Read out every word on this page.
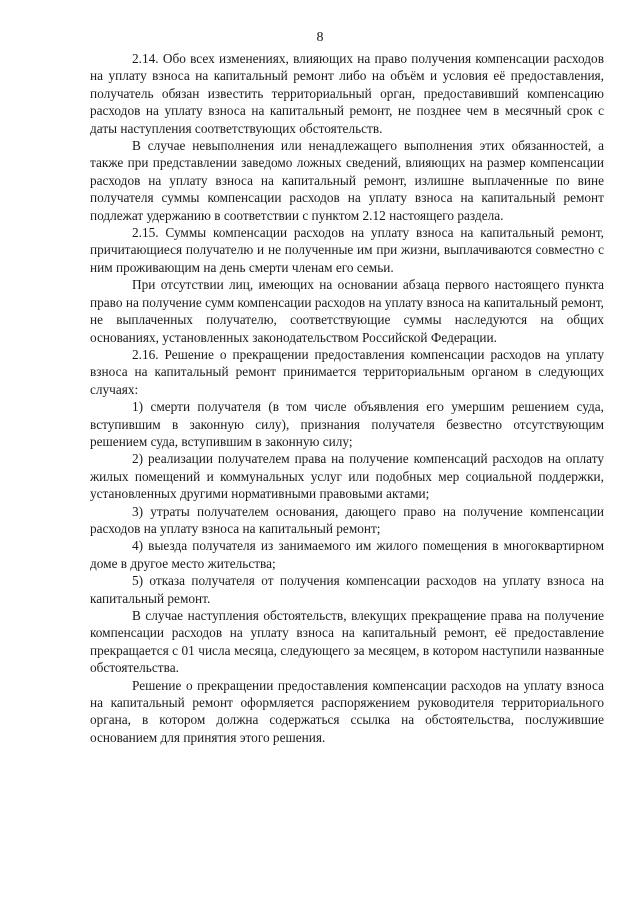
8

2.14. Обо всех изменениях, влияющих на право получения компенсации расходов на уплату взноса на капитальный ремонт либо на объём и условия её предоставления, получатель обязан известить территориальный орган, предоставивший компенсацию расходов на уплату взноса на капитальный ремонт, не позднее чем в месячный срок с даты наступления соответствующих обстоятельств.

В случае невыполнения или ненадлежащего выполнения этих обязанностей, а также при представлении заведомо ложных сведений, влияющих на размер компенсации расходов на уплату взноса на капитальный ремонт, излишне выплаченные по вине получателя суммы компенсации расходов на уплату взноса на капитальный ремонт подлежат удержанию в соответствии с пунктом 2.12 настоящего раздела.

2.15. Суммы компенсации расходов на уплату взноса на капитальный ремонт, причитающиеся получателю и не полученные им при жизни, выплачиваются совместно с ним проживающим на день смерти членам его семьи.

При отсутствии лиц, имеющих на основании абзаца первого настоящего пункта право на получение сумм компенсации расходов на уплату взноса на капитальный ремонт, не выплаченных получателю, соответствующие суммы наследуются на общих основаниях, установленных законодательством Российской Федерации.

2.16. Решение о прекращении предоставления компенсации расходов на уплату взноса на капитальный ремонт принимается территориальным органом в следующих случаях:

1) смерти получателя (в том числе объявления его умершим решением суда, вступившим в законную силу), признания получателя безвестно отсутствующим решением суда, вступившим в законную силу;

2) реализации получателем права на получение компенсаций расходов на оплату жилых помещений и коммунальных услуг или подобных мер социальной поддержки, установленных другими нормативными правовыми актами;

3) утраты получателем основания, дающего право на получение компенсации расходов на уплату взноса на капитальный ремонт;

4) выезда получателя из занимаемого им жилого помещения в многоквартирном доме в другое место жительства;

5) отказа получателя от получения компенсации расходов на уплату взноса на капитальный ремонт.

В случае наступления обстоятельств, влекущих прекращение права на получение компенсации расходов на уплату взноса на капитальный ремонт, её предоставление прекращается с 01 числа месяца, следующего за месяцем, в котором наступили названные обстоятельства.

Решение о прекращении предоставления компенсации расходов на уплату взноса на капитальный ремонт оформляется распоряжением руководителя территориального органа, в котором должна содержаться ссылка на обстоятельства, послужившие основанием для принятия этого решения.
